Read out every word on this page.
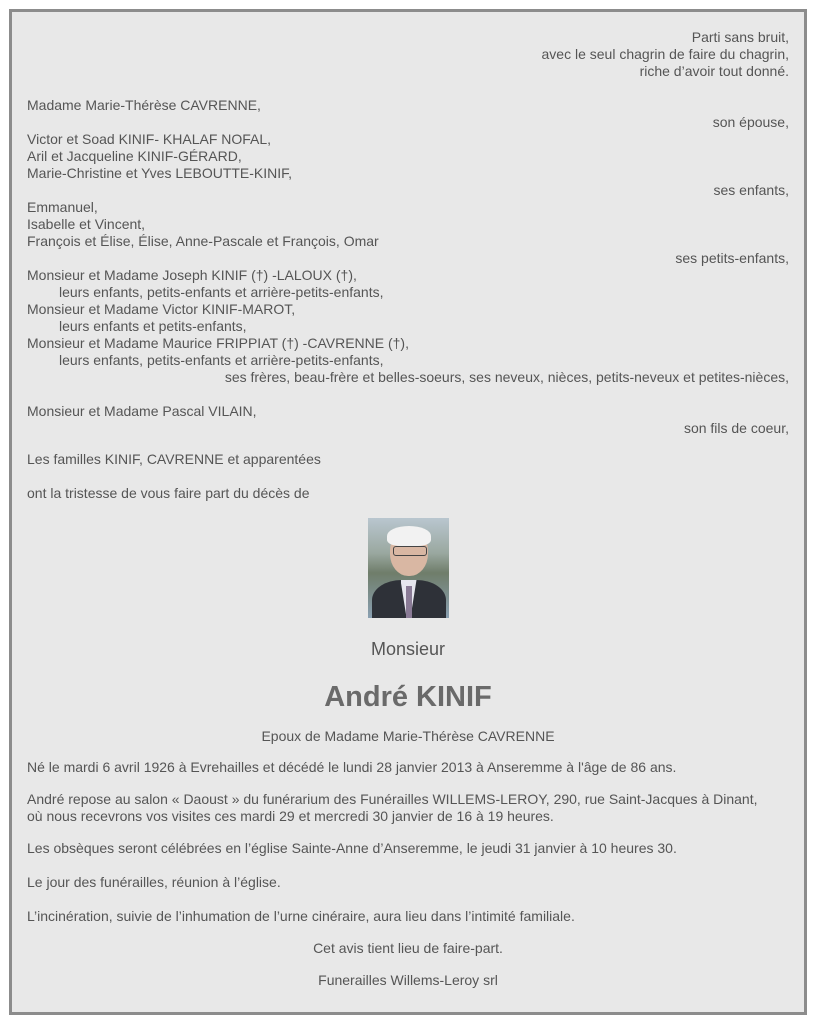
Parti sans bruit,
avec le seul chagrin de faire du chagrin,
riche d’avoir tout donné.
Madame Marie-Thérèse CAVRENNE,
son épouse,
Victor et Soad KINIF- KHALAF NOFAL,
Aril et Jacqueline KINIF-GÉRARD,
Marie-Christine et Yves LEBOUTTE-KINIF,
ses enfants,
Emmanuel,
Isabelle et Vincent,
François et Élise, Élise, Anne-Pascale et François, Omar
ses petits-enfants,
Monsieur et Madame Joseph KINIF (†) -LALOUX (†),
leurs enfants, petits-enfants et arrière-petits-enfants,
Monsieur et Madame Victor KINIF-MAROT,
leurs enfants et petits-enfants,
Monsieur et Madame Maurice FRIPPIAT (†) -CAVRENNE (†),
leurs enfants, petits-enfants et arrière-petits-enfants,
ses frères, beau-frère et belles-soeurs, ses neveux, nièces, petits-neveux et petites-nièces,
Monsieur et Madame Pascal VILAIN,
son fils de coeur,
Les familles KINIF, CAVRENNE et apparentées
ont la tristesse de vous faire part du décès de
Monsieur
André KINIF
Epoux de Madame Marie-Thérèse CAVRENNE
Né le mardi 6 avril 1926 à Evrehailles et décédé le lundi 28 janvier 2013 à Anseremme à l'âge de 86 ans.
André repose au salon « Daoust » du funérarium des Funérailles WILLEMS-LEROY, 290, rue Saint-Jacques à Dinant,
où nous recevrons vos visites ces mardi 29 et mercredi 30 janvier de 16 à 19 heures.
Les obsèques seront célébrées en l’église Sainte-Anne d’Anseremme, le jeudi 31 janvier à 10 heures 30.
Le jour des funérailles, réunion à l’église.
L’incinération, suivie de l’inhumation de l’urne cinéraire, aura lieu dans l’intimité familiale.
Cet avis tient lieu de faire-part.
Funerailles Willems-Leroy srl
